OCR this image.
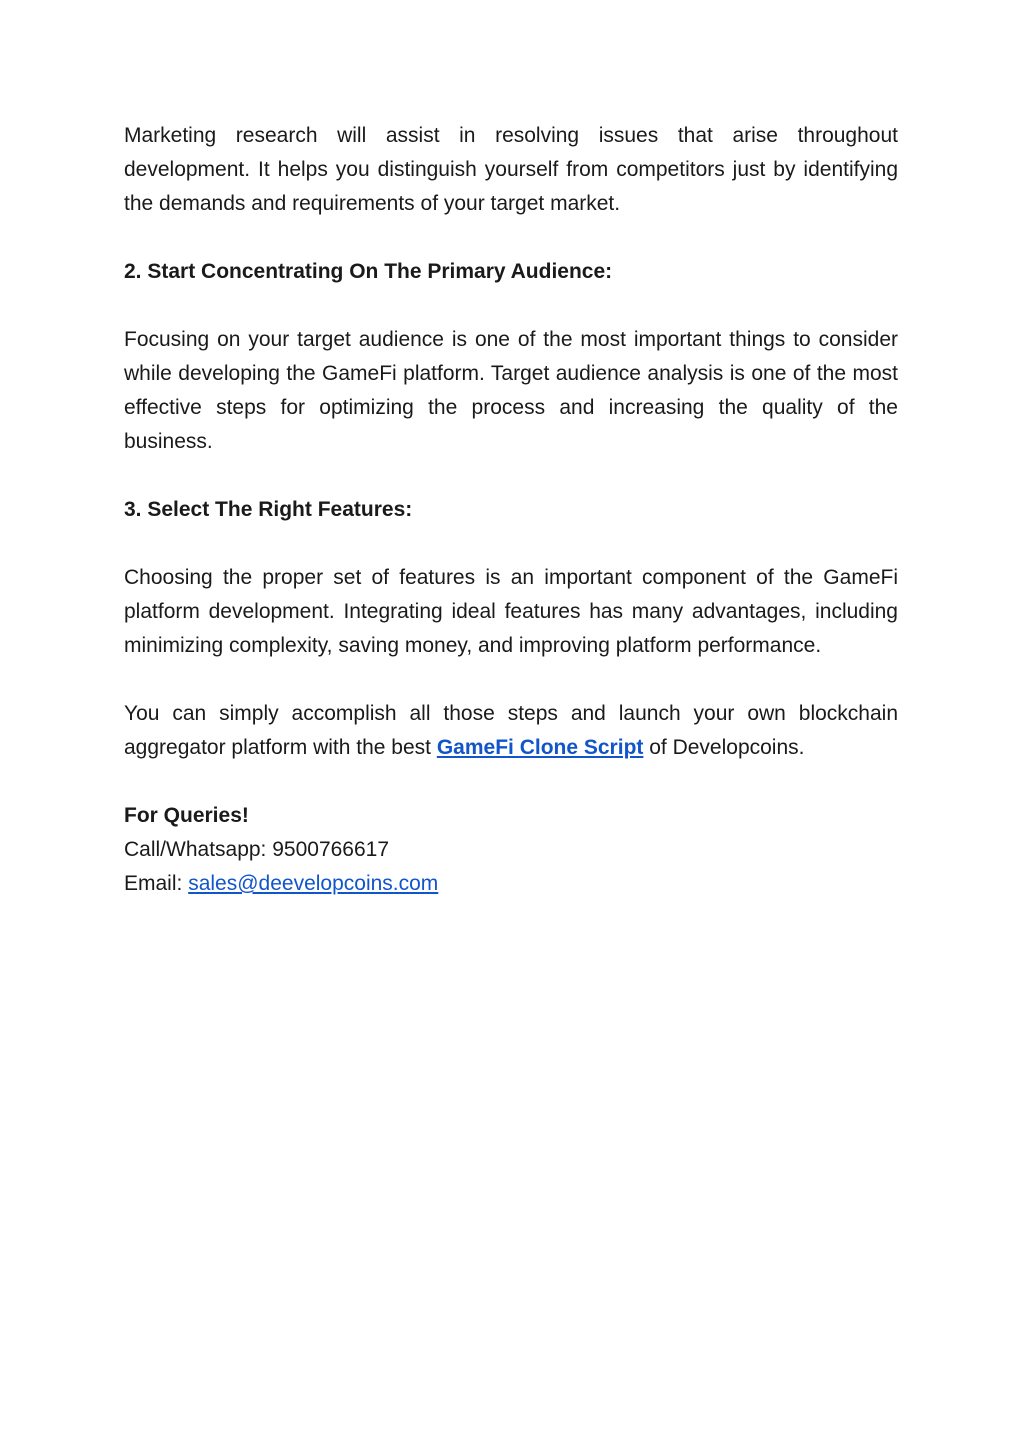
Marketing research will assist in resolving issues that arise throughout development. It helps you distinguish yourself from competitors just by identifying the demands and requirements of your target market.

2. Start Concentrating On The Primary Audience:

Focusing on your target audience is one of the most important things to consider while developing the GameFi platform. Target audience analysis is one of the most effective steps for optimizing the process and increasing the quality of the business.

3. Select The Right Features:

Choosing the proper set of features is an important component of the GameFi platform development. Integrating ideal features has many advantages, including minimizing complexity, saving money, and improving platform performance.

You can simply accomplish all those steps and launch your own blockchain aggregator platform with the best GameFi Clone Script of Developcoins.

For Queries!
Call/Whatsapp: 9500766617
Email: sales@deevelopcoins.com
